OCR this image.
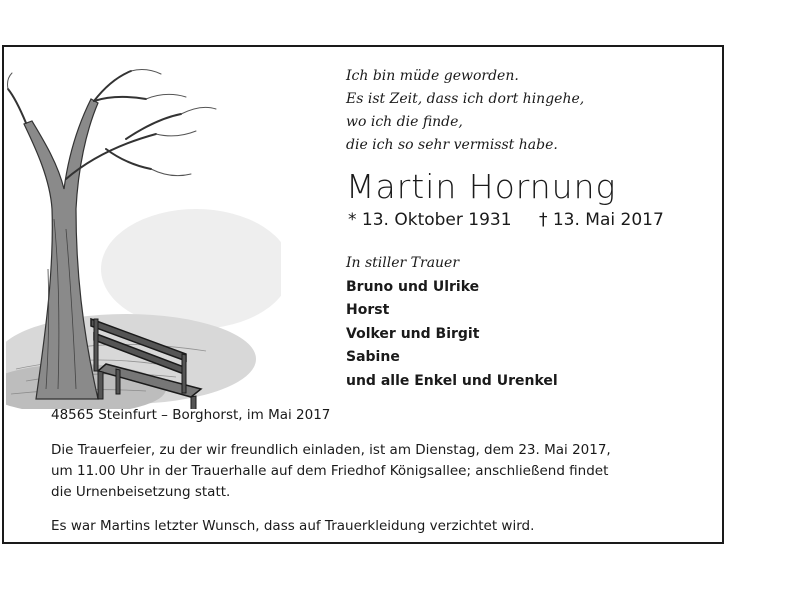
Ich bin müde geworden.
Es ist Zeit, dass ich dort hingehe,
wo ich die finde,
die ich so sehr vermisst habe.
Martin Hornung
* 13. Oktober 1931 † 13. Mai 2017
In stiller Trauer
Bruno und Ulrike
Horst
Volker und Birgit
Sabine
und alle Enkel und Urenkel
48565 Steinfurt – Borghorst, im Mai 2017
Die Trauerfeier, zu der wir freundlich einladen, ist am Dienstag, dem 23. Mai 2017,
um 11.00 Uhr in der Trauerhalle auf dem Friedhof Königsallee; anschließend findet
die Urnenbeisetzung statt.
Es war Martins letzter Wunsch, dass auf Trauerkleidung verzichtet wird.
